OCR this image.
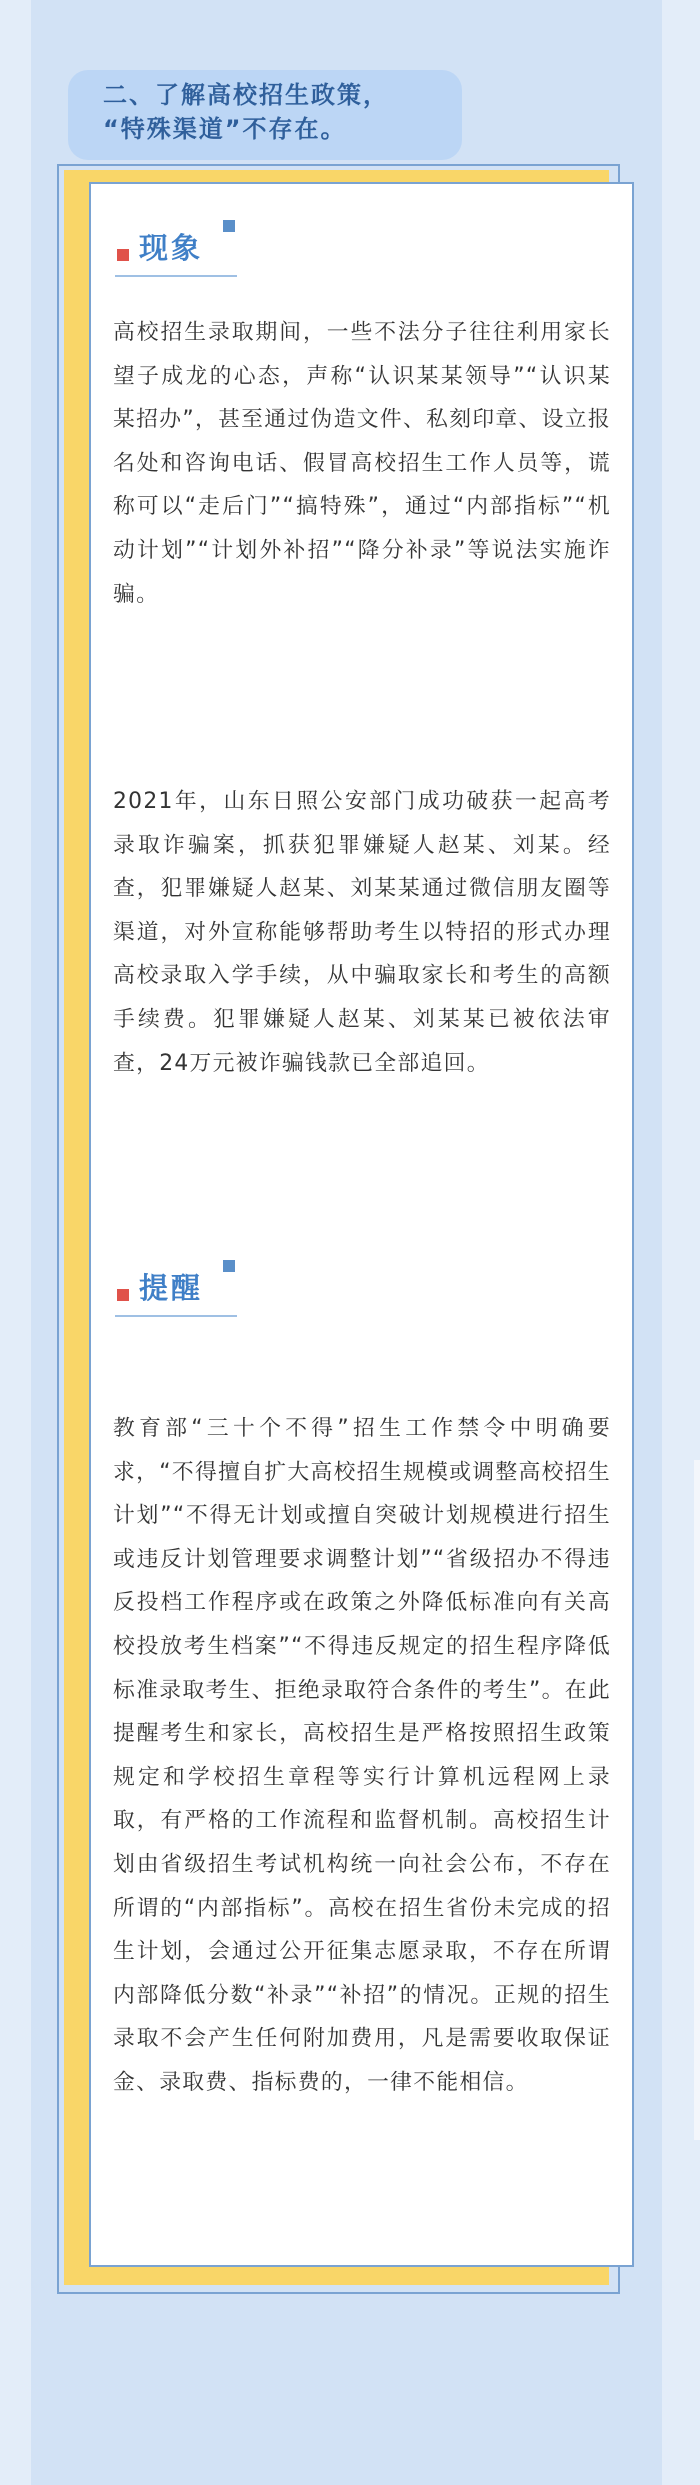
二、了解高校招生政策，
“特殊渠道”不存在。
现象

高校招生录取期间，一些不法分子往往利用家长望子成龙的心态，声称“认识某某领导”“认识某某招办”，甚至通过伪造文件、私刻印章、设立报名处和咨询电话、假冒高校招生工作人员等，谎称可以“走后门”“搞特殊”，通过“内部指标”“机动计划”“计划外补招”“降分补录”等说法实施诈骗。

2021年，山东日照公安部门成功破获一起高考录取诈骗案，抓获犯罪嫌疑人赵某、刘某。经查，犯罪嫌疑人赵某、刘某某通过微信朋友圈等渠道，对外宣称能够帮助考生以特招的形式办理高校录取入学手续，从中骗取家长和考生的高额手续费。犯罪嫌疑人赵某、刘某某已被依法审查，24万元被诈骗钱款已全部追回。

提醒

教育部“三十个不得”招生工作禁令中明确要求，“不得擅自扩大高校招生规模或调整高校招生计划”“不得无计划或擅自突破计划规模进行招生或违反计划管理要求调整计划”“省级招办不得违反投档工作程序或在政策之外降低标准向有关高校投放考生档案”“不得违反规定的招生程序降低标准录取考生、拒绝录取符合条件的考生”。在此提醒考生和家长，高校招生是严格按照招生政策规定和学校招生章程等实行计算机远程网上录取，有严格的工作流程和监督机制。高校招生计划由省级招生考试机构统一向社会公布，不存在所谓的“内部指标”。高校在招生省份未完成的招生计划，会通过公开征集志愿录取，不存在所谓内部降低分数“补录”“补招”的情况。正规的招生录取不会产生任何附加费用，凡是需要收取保证金、录取费、指标费的，一律不能相信。
